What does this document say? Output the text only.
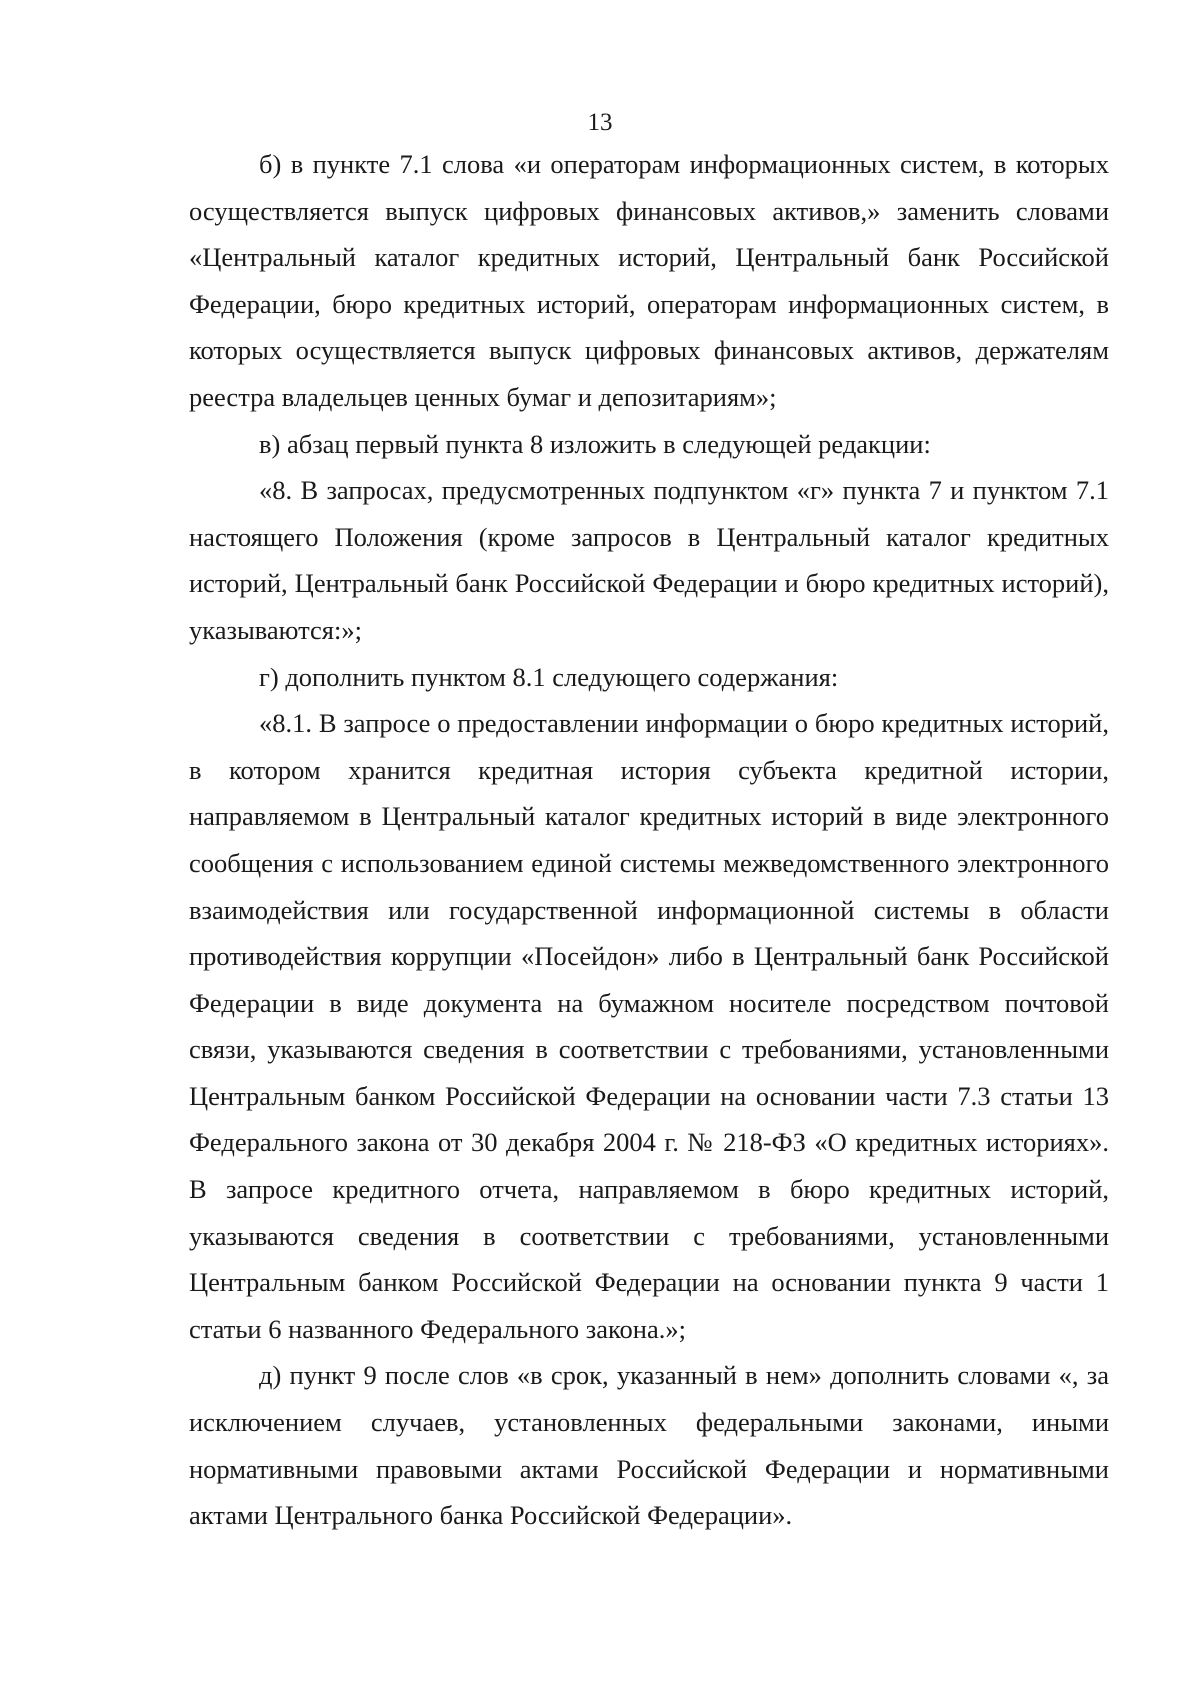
13

б) в пункте 7.1 слова «и операторам информационных систем, в которых осуществляется выпуск цифровых финансовых активов,» заменить словами «Центральный каталог кредитных историй, Центральный банк Российской Федерации, бюро кредитных историй, операторам информационных систем, в которых осуществляется выпуск цифровых финансовых активов, держателям реестра владельцев ценных бумаг и депозитариям»;

в) абзац первый пункта 8 изложить в следующей редакции:

«8. В запросах, предусмотренных подпунктом «г» пункта 7 и пунктом 7.1 настоящего Положения (кроме запросов в Центральный каталог кредитных историй, Центральный банк Российской Федерации и бюро кредитных историй), указываются:»;

г) дополнить пунктом 8.1 следующего содержания:

«8.1. В запросе о предоставлении информации о бюро кредитных историй, в котором хранится кредитная история субъекта кредитной истории, направляемом в Центральный каталог кредитных историй в виде электронного сообщения с использованием единой системы межведомственного электронного взаимодействия или государственной информационной системы в области противодействия коррупции «Посейдон» либо в Центральный банк Российской Федерации в виде документа на бумажном носителе посредством почтовой связи, указываются сведения в соответствии с требованиями, установленными Центральным банком Российской Федерации на основании части 7.3 статьи 13 Федерального закона от 30 декабря 2004 г. № 218-ФЗ «О кредитных историях». В запросе кредитного отчета, направляемом в бюро кредитных историй, указываются сведения в соответствии с требованиями, установленными Центральным банком Российской Федерации на основании пункта 9 части 1 статьи 6 названного Федерального закона.»;

д) пункт 9 после слов «в срок, указанный в нем» дополнить словами «, за исключением случаев, установленных федеральными законами, иными нормативными правовыми актами Российской Федерации и нормативными актами Центрального банка Российской Федерации».
